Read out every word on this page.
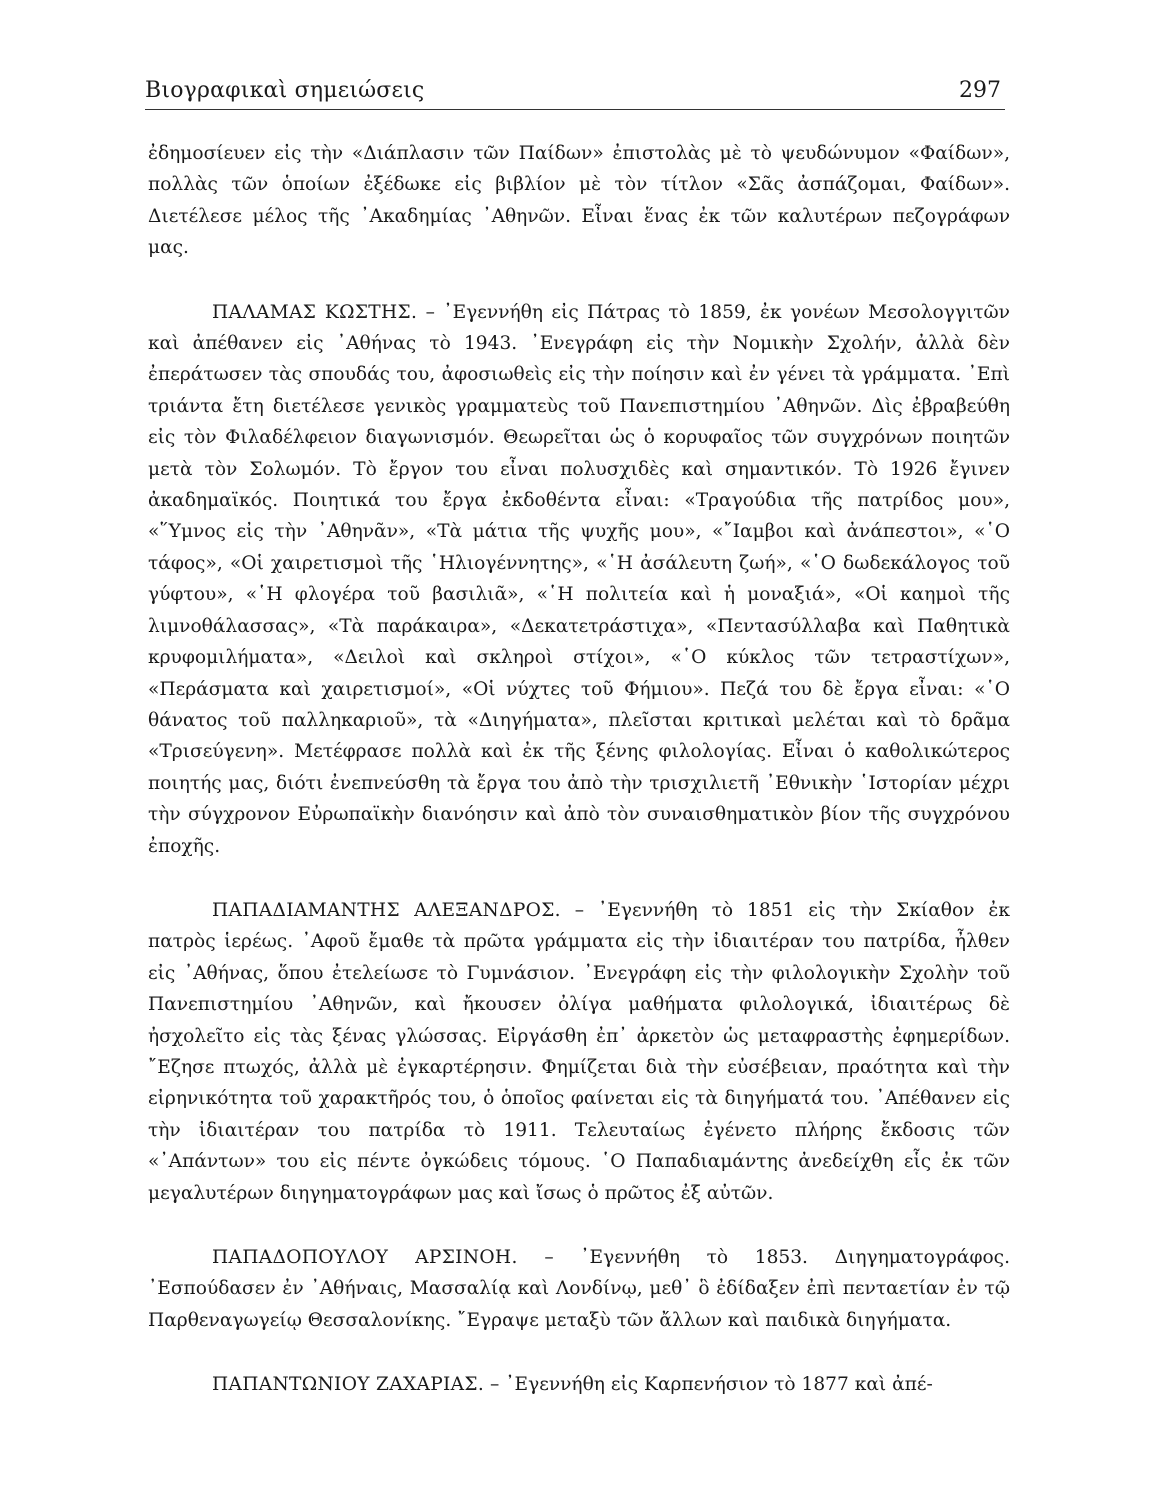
Βιογραφικαὶ σημειώσεις	297

ἐδημοσίευεν εἰς τὴν «Διάπλασιν τῶν Παίδων» ἐπιστολὰς μὲ τὸ ψευδώνυμον «Φαίδων», πολλὰς τῶν ὁποίων ἐξέδωκε εἰς βιβλίον μὲ τὸν τίτλον «Σᾶς ἀσπάζομαι, Φαίδων». Διετέλεσε μέλος τῆς ᾿Ακαδημίας ᾿Αθηνῶν. Εἶναι ἕνας ἐκ τῶν καλυτέρων πεζογράφων μας.

ΠΑΛΑΜΑΣ ΚΩΣΤΗΣ. – ᾿Εγεννήθη εἰς Πάτρας τὸ 1859, ἐκ γονέων Μεσολογγιτῶν καὶ ἀπέθανεν εἰς ᾿Αθήνας τὸ 1943. ᾿Ενεγράφη εἰς τὴν Νομικὴν Σχολήν, ἀλλὰ δὲν ἐπεράτωσεν τὰς σπουδάς του, ἀφοσιωθεὶς εἰς τὴν ποίησιν καὶ ἐν γένει τὰ γράμματα. ᾿Επὶ τριάντα ἔτη διετέλεσε γενικὸς γραμματεὺς τοῦ Πανεπιστημίου ᾿Αθηνῶν. Δὶς ἐβραβεύθη εἰς τὸν Φιλαδέλφειον διαγωνισμόν. Θεωρεῖται ὡς ὁ κορυφαῖος τῶν συγχρόνων ποιητῶν μετὰ τὸν Σολωμόν. Τὸ ἔργον του εἶναι πολυσχιδὲς καὶ σημαντικόν. Τὸ 1926 ἔγινεν ἀκαδημαϊκός. Ποιητικά του ἔργα ἐκδοθέντα εἶναι: «Τραγούδια τῆς πατρίδος μου», «῞Υμνος εἰς τὴν ᾿Αθηνᾶν», «Τὰ μάτια τῆς ψυχῆς μου», «῎Ιαμβοι καὶ ἀνάπεστοι», «῾Ο τάφος», «Οἱ χαιρετισμοὶ τῆς ῾Ηλιογέννητης», «῾Η ἀσάλευτη ζωή», «῾Ο δωδεκάλογος τοῦ γύφτου», «῾Η φλογέρα τοῦ βασιλιᾶ», «῾Η πολιτεία καὶ ἡ μοναξιά», «Οἱ καημοὶ τῆς λιμνοθάλασσας», «Τὰ παράκαιρα», «Δεκατετράστιχα», «Πεντασύλλαβα καὶ Παθητικὰ κρυφομιλήματα», «Δειλοὶ καὶ σκληροὶ στίχοι», «῾Ο κύκλος τῶν τετραστίχων», «Περάσματα καὶ χαιρετισμοί», «Οἱ νύχτες τοῦ Φήμιου». Πεζά του δὲ ἔργα εἶναι: «῾Ο θάνατος τοῦ παλληκαριοῦ», τὰ «Διηγήματα», πλεῖσται κριτικαὶ μελέται καὶ τὸ δρᾶμα «Τρισεύγενη». Μετέφρασε πολλὰ καὶ ἐκ τῆς ξένης φιλολογίας. Εἶναι ὁ καθολικώτερος ποιητής μας, διότι ἐνεπνεύσθη τὰ ἔργα του ἀπὸ τὴν τρισχιλιετῆ ᾿Εθνικὴν ῾Ιστορίαν μέχρι τὴν σύγχρονον Εὐρωπαϊκὴν διανόησιν καὶ ἀπὸ τὸν συναισθηματικὸν βίον τῆς συγχρόνου ἐποχῆς.

ΠΑΠΑΔΙΑΜΑΝΤΗΣ ΑΛΕΞΑΝΔΡΟΣ. – ᾿Εγεννήθη τὸ 1851 εἰς τὴν Σκίαθον ἐκ πατρὸς ἱερέως. ᾿Αφοῦ ἔμαθε τὰ πρῶτα γράμματα εἰς τὴν ἰδιαιτέραν του πατρίδα, ἦλθεν εἰς ᾿Αθήνας, ὅπου ἐτελείωσε τὸ Γυμνάσιον. ᾿Ενεγράφη εἰς τὴν φιλολογικὴν Σχολὴν τοῦ Πανεπιστημίου ᾿Αθηνῶν, καὶ ἤκουσεν ὀλίγα μαθήματα φιλολογικά, ἰδιαιτέρως δὲ ἠσχολεῖτο εἰς τὰς ξένας γλώσσας. Εἰργάσθη ἐπ᾿ ἀρκετὸν ὡς μεταφραστὴς ἐφημερίδων. ῎Εζησε πτωχός, ἀλλὰ μὲ ἐγκαρτέρησιν. Φημίζεται διὰ τὴν εὐσέβειαν, πραότητα καὶ τὴν εἰρηνικότητα τοῦ χαρακτῆρός του, ὁ ὁποῖος φαίνεται εἰς τὰ διηγήματά του. ᾿Απέθανεν εἰς τὴν ἰδιαιτέραν του πατρίδα τὸ 1911. Τελευταίως ἐγένετο πλήρης ἔκδοσις τῶν «᾿Απάντων» του εἰς πέντε ὀγκώδεις τόμους. ῾Ο Παπαδιαμάντης ἀνεδείχθη εἷς ἐκ τῶν μεγαλυτέρων διηγηματογράφων μας καὶ ἴσως ὁ πρῶτος ἐξ αὐτῶν.

ΠΑΠΑΔΟΠΟΥΛΟΥ ΑΡΣΙΝΟΗ. – ᾿Εγεννήθη τὸ 1853. Διηγηματογράφος. ᾿Εσπούδασεν ἐν ᾿Αθήναις, Μασσαλίᾳ καὶ Λονδίνῳ, μεθ᾿ ὃ ἐδίδαξεν ἐπὶ πενταετίαν ἐν τῷ Παρθεναγωγείῳ Θεσσαλονίκης. ῎Εγραψε μεταξὺ τῶν ἄλλων καὶ παιδικὰ διηγήματα.

ΠΑΠΑΝΤΩΝΙΟΥ ΖΑΧΑΡΙΑΣ. – ᾿Εγεννήθη εἰς Καρπενήσιον τὸ 1877 καὶ ἀπέ-
